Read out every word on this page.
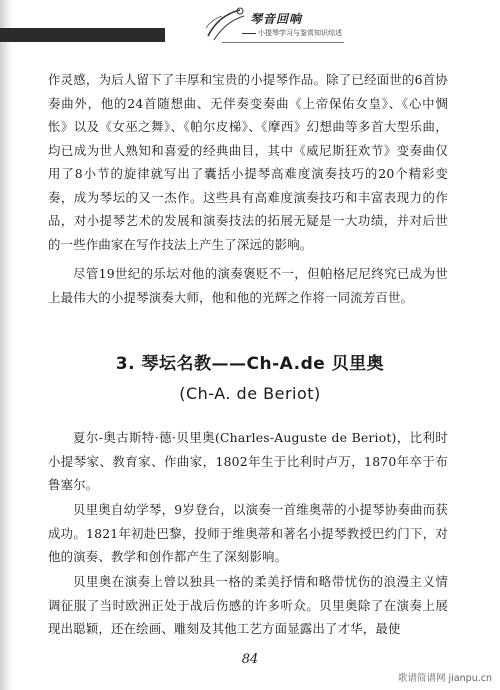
琴音回响
小提琴学习与鉴赏知识综述

作灵感，为后人留下了丰厚和宝贵的小提琴作品。除了已经面世的6首协奏曲外，他的24首随想曲、无伴奏变奏曲《上帝保佑女皇》、《心中惆怅》以及《女巫之舞》、《帕尔皮梯》、《摩西》幻想曲等多首大型乐曲，均已成为世人熟知和喜爱的经典曲目，其中《威尼斯狂欢节》变奏曲仅用了8小节的旋律就写出了囊括小提琴高难度演奏技巧的20个精彩变奏，成为琴坛的又一杰作。这些具有高难度演奏技巧和丰富表现力的作品，对小提琴艺术的发展和演奏技法的拓展无疑是一大功绩，并对后世的一些作曲家在写作技法上产生了深远的影响。

尽管19世纪的乐坛对他的演奏褒贬不一，但帕格尼尼终究已成为世上最伟大的小提琴演奏大师，他和他的光辉之作将一同流芳百世。

3. 琴坛名教——Ch-A.de 贝里奥
(Ch-A. de Beriot)

夏尔-奥古斯特·德·贝里奥(Charles-Auguste de Beriot)，比利时小提琴家、教育家、作曲家，1802年生于比利时卢万，1870年卒于布鲁塞尔。

贝里奥自幼学琴，9岁登台，以演奏一首维奥蒂的小提琴协奏曲而获成功。1821年初赴巴黎，投师于维奥蒂和著名小提琴教授巴约门下，对他的演奏、教学和创作都产生了深刻影响。

贝里奥在演奏上曾以独具一格的柔美抒情和略带忧伤的浪漫主义情调征服了当时欧洲正处于战后伤感的许多听众。贝里奥除了在演奏上展现出聪颖，还在绘画、雕刻及其他工艺方面显露出了才华，最使

84
歌谱简谱网 jianpu.cn
